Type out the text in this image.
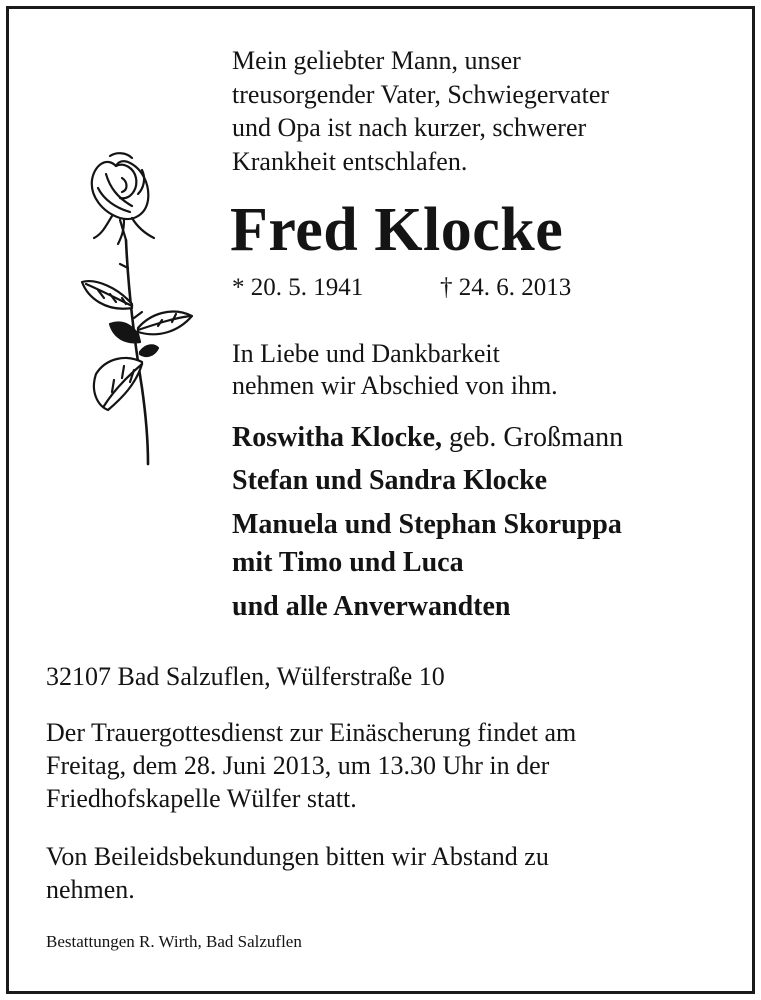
Mein geliebter Mann, unser
treusorgender Vater, Schwiegervater
und Opa ist nach kurzer, schwerer
Krankheit entschlafen.
Fred Klocke
* 20. 5. 1941	† 24. 6. 2013
In Liebe und Dankbarkeit
nehmen wir Abschied von ihm.
Roswitha Klocke, geb. Großmann
Stefan und Sandra Klocke
Manuela und Stephan Skoruppa
mit Timo und Luca
und alle Anverwandten
32107 Bad Salzuflen, Wülferstraße 10
Der Trauergottesdienst zur Einäscherung findet am
Freitag, dem 28. Juni 2013, um 13.30 Uhr in der
Friedhofskapelle Wülfer statt.
Von Beileidsbekundungen bitten wir Abstand zu
nehmen.
Bestattungen R. Wirth, Bad Salzuflen
